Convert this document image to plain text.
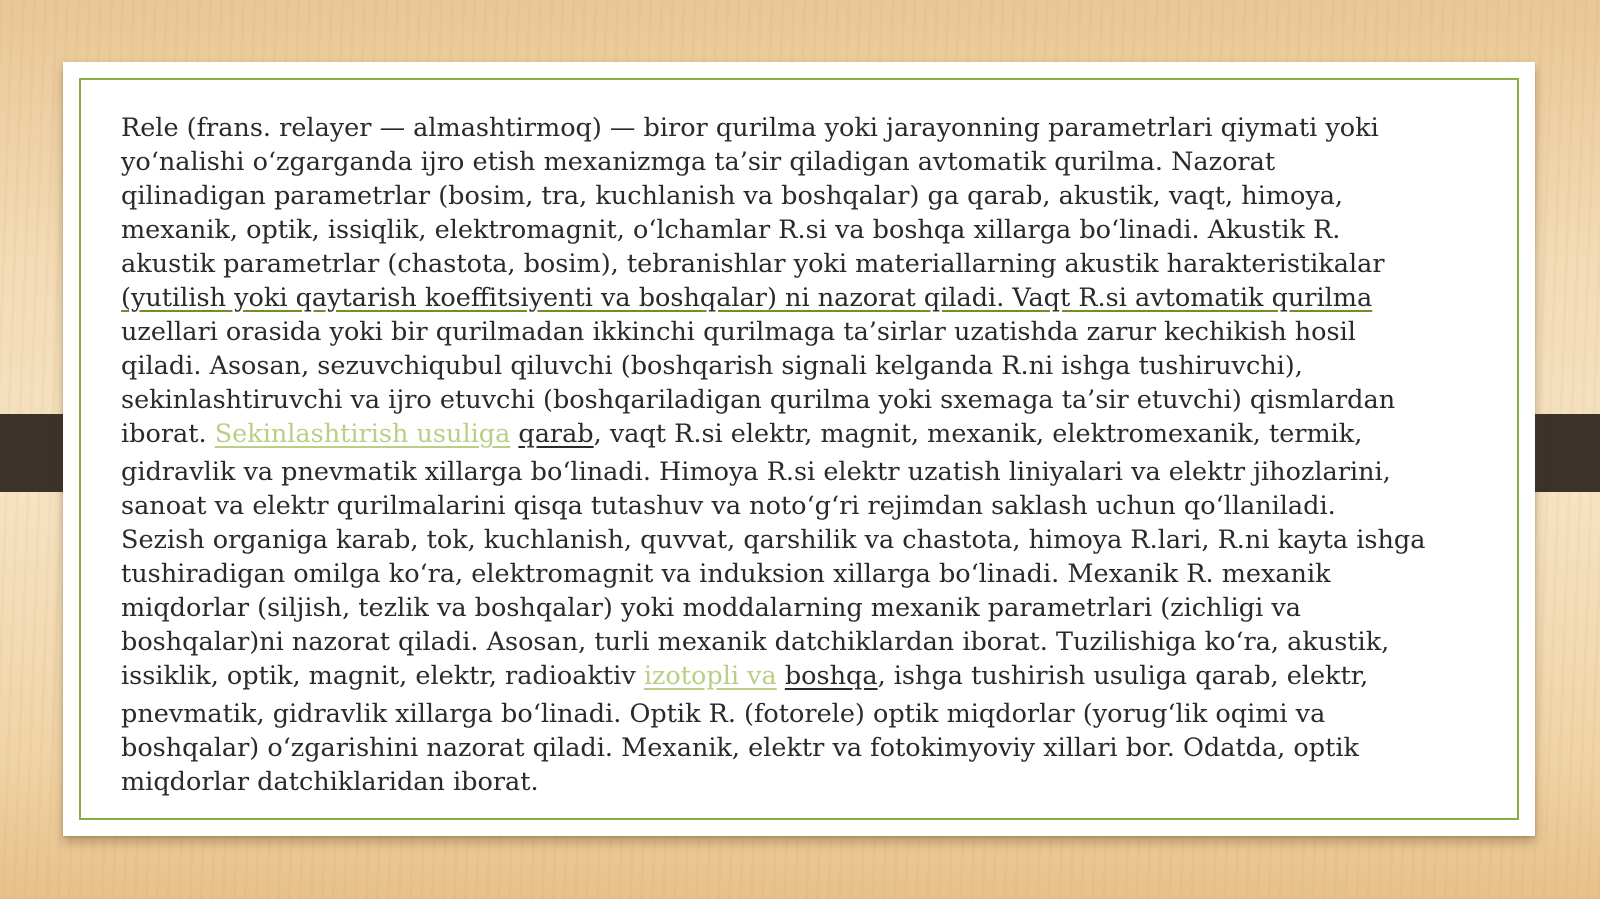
Rele (frans. relayer — almashtirmoq) — biror qurilma yoki jarayonning parametrlari qiymati yoki
yo‘nalishi o‘zgarganda ijro etish mexanizmga ta’sir qiladigan avtomatik qurilma. Nazorat
qilinadigan parametrlar (bosim, tra, kuchlanish va boshqalar) ga qarab, akustik, vaqt, himoya,
mexanik, optik, issiqlik, elektromagnit, o‘lchamlar R.si va boshqa xillarga bo‘linadi. Akustik R.
akustik parametrlar (chastota, bosim), tebranishlar yoki materiallarning akustik harakteristikalar
(yutilish yoki qaytarish koeffitsiyenti va boshqalar) ni nazorat qiladi. Vaqt R.si avtomatik qurilma
uzellari orasida yoki bir qurilmadan ikkinchi qurilmaga ta’sirlar uzatishda zarur kechikish hosil
qiladi. Asosan, sezuvchiqubul qiluvchi (boshqarish signali kelganda R.ni ishga tushiruvchi),
sekinlashtiruvchi va ijro etuvchi (boshqariladigan qurilma yoki sxemaga ta’sir etuvchi) qismlardan
iborat. Sekinlashtirish usuliga qarab, vaqt R.si elektr, magnit, mexanik, elektromexanik, termik,
gidravlik va pnevmatik xillarga bo‘linadi. Himoya R.si elektr uzatish liniyalari va elektr jihozlarini,
sanoat va elektr qurilmalarini qisqa tutashuv va noto‘g‘ri rejimdan saklash uchun qo‘llaniladi.
Sezish organiga karab, tok, kuchlanish, quvvat, qarshilik va chastota, himoya R.lari, R.ni kayta ishga
tushiradigan omilga ko‘ra, elektromagnit va induksion xillarga bo‘linadi. Mexanik R. mexanik
miqdorlar (siljish, tezlik va boshqalar) yoki moddalarning mexanik parametrlari (zichligi va
boshqalar)ni nazorat qiladi. Asosan, turli mexanik datchiklardan iborat. Tuzilishiga ko‘ra, akustik,
issiklik, optik, magnit, elektr, radioaktiv izotopli va boshqa, ishga tushirish usuliga qarab, elektr,
pnevmatik, gidravlik xillarga bo‘linadi. Optik R. (fotorele) optik miqdorlar (yorug‘lik oqimi va
boshqalar) o‘zgarishini nazorat qiladi. Mexanik, elektr va fotokimyoviy xillari bor. Odatda, optik
miqdorlar datchiklaridan iborat.
